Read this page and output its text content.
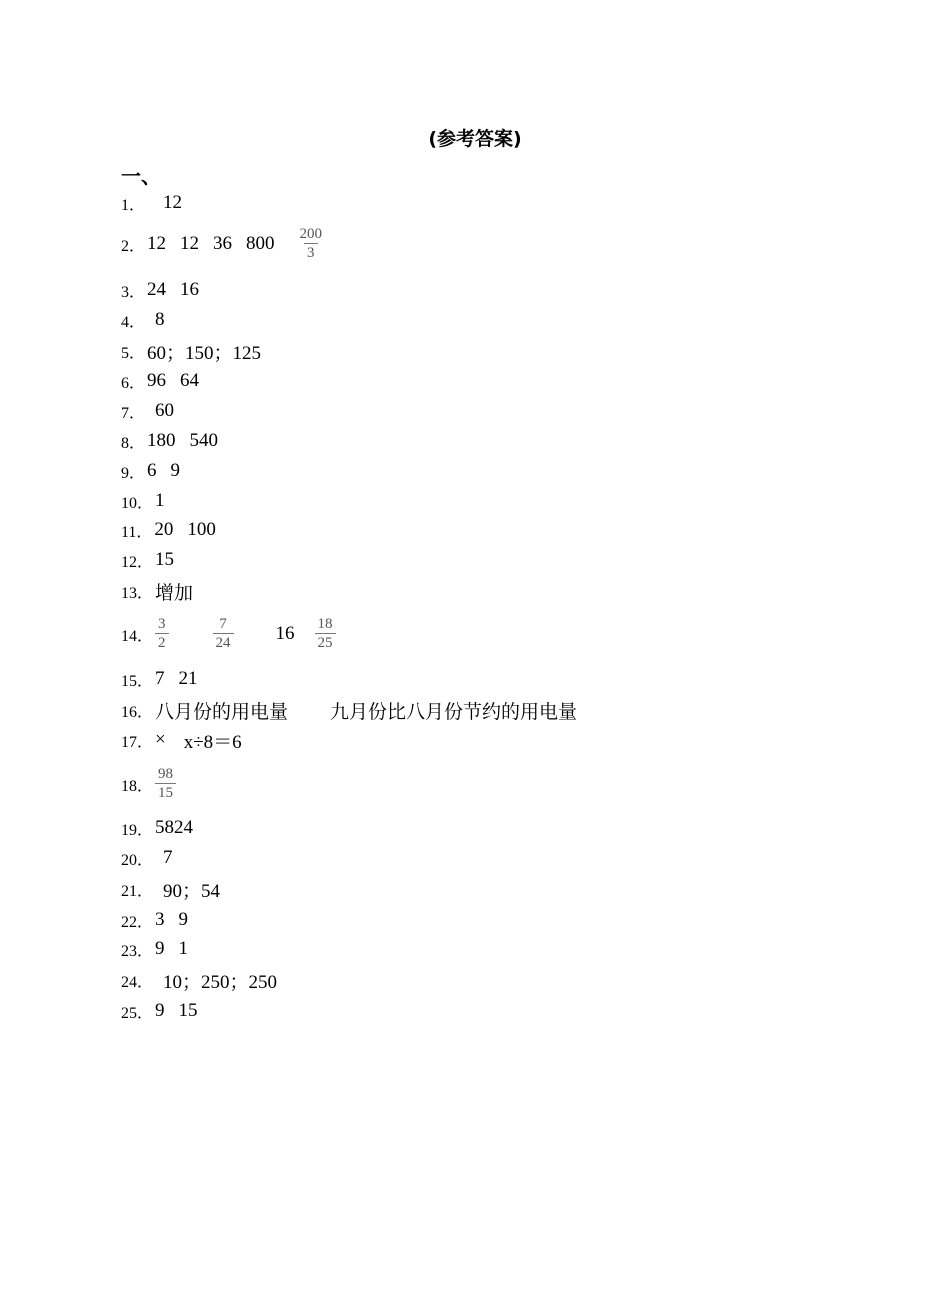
(参考答案)
一、
1． 12
2． 12 12 36 $800 \frac{200}{3}$
3． 24 16
4． 8
5． 60；150；125
6． 96 64
7． 60
8． 180 540
9． 6 9
10． 1
11． 20 100
12． 15
13． 增加
14． $\frac{3}{2}$	$\frac{7}{24} 16 \frac{18}{25}$
15． 7 21
16． 八月份的用电量 九月份比八月份节约的用电量
17． × x÷8＝6
18． $\frac{98}{15}$
19． 5824
20． 7
21． 90；54
22． 3 9
23． 9 1
24． 10；250；250
25． 9 15
